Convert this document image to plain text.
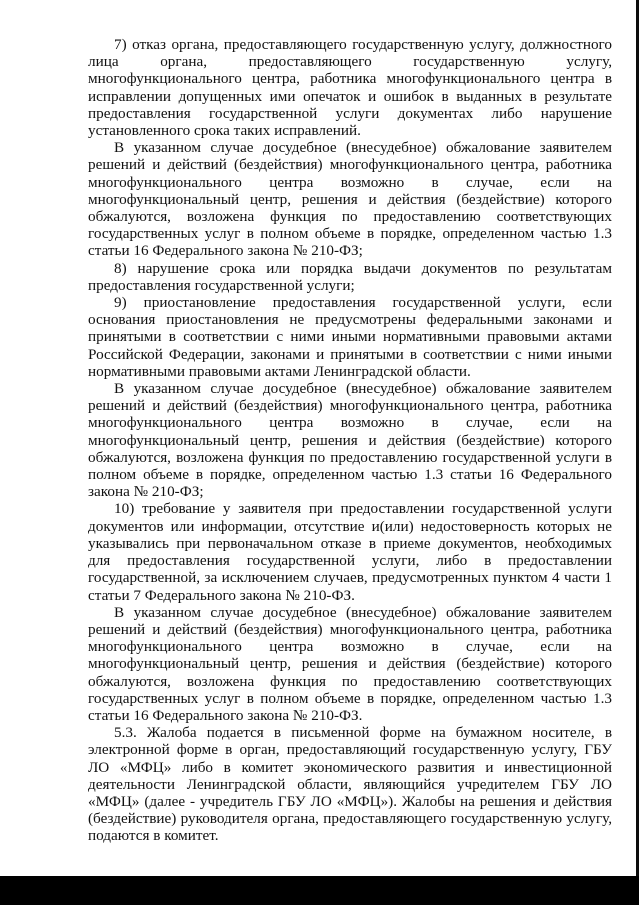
7) отказ органа, предоставляющего государственную услугу, должностного лица органа, предоставляющего государственную услугу, многофункционального центра, работника многофункционального центра в исправлении допущенных ими опечаток и ошибок в выданных в результате предоставления государственной услуги документах либо нарушение установленного срока таких исправлений.

В указанном случае досудебное (внесудебное) обжалование заявителем решений и действий (бездействия) многофункционального центра, работника многофункционального центра возможно в случае, если на многофункциональный центр, решения и действия (бездействие) которого обжалуются, возложена функция по предоставлению соответствующих государственных услуг в полном объеме в порядке, определенном частью 1.3 статьи 16 Федерального закона № 210-ФЗ;

8) нарушение срока или порядка выдачи документов по результатам предоставления государственной услуги;

9) приостановление предоставления государственной услуги, если основания приостановления не предусмотрены федеральными законами и принятыми в соответствии с ними иными нормативными правовыми актами Российской Федерации, законами и принятыми в соответствии с ними иными нормативными правовыми актами Ленинградской области.

В указанном случае досудебное (внесудебное) обжалование заявителем решений и действий (бездействия) многофункционального центра, работника многофункционального центра возможно в случае, если на многофункциональный центр, решения и действия (бездействие) которого обжалуются, возложена функция по предоставлению государственной услуги в полном объеме в порядке, определенном частью 1.3 статьи 16 Федерального закона № 210-ФЗ;

10) требование у заявителя при предоставлении государственной услуги документов или информации, отсутствие и(или) недостоверность которых не указывались при первоначальном отказе в приеме документов, необходимых для предоставления государственной услуги, либо в предоставлении государственной, за исключением случаев, предусмотренных пунктом 4 части 1 статьи 7 Федерального закона № 210-ФЗ.

В указанном случае досудебное (внесудебное) обжалование заявителем решений и действий (бездействия) многофункционального центра, работника многофункционального центра возможно в случае, если на многофункциональный центр, решения и действия (бездействие) которого обжалуются, возложена функция по предоставлению соответствующих государственных услуг в полном объеме в порядке, определенном частью 1.3 статьи 16 Федерального закона № 210-ФЗ.

5.3. Жалоба подается в письменной форме на бумажном носителе, в электронной форме в орган, предоставляющий государственную услугу, ГБУ ЛО «МФЦ» либо в комитет экономического развития и инвестиционной деятельности Ленинградской области, являющийся учредителем ГБУ ЛО «МФЦ» (далее - учредитель ГБУ ЛО «МФЦ»). Жалобы на решения и действия (бездействие) руководителя органа, предоставляющего государственную услугу, подаются в комитет.
